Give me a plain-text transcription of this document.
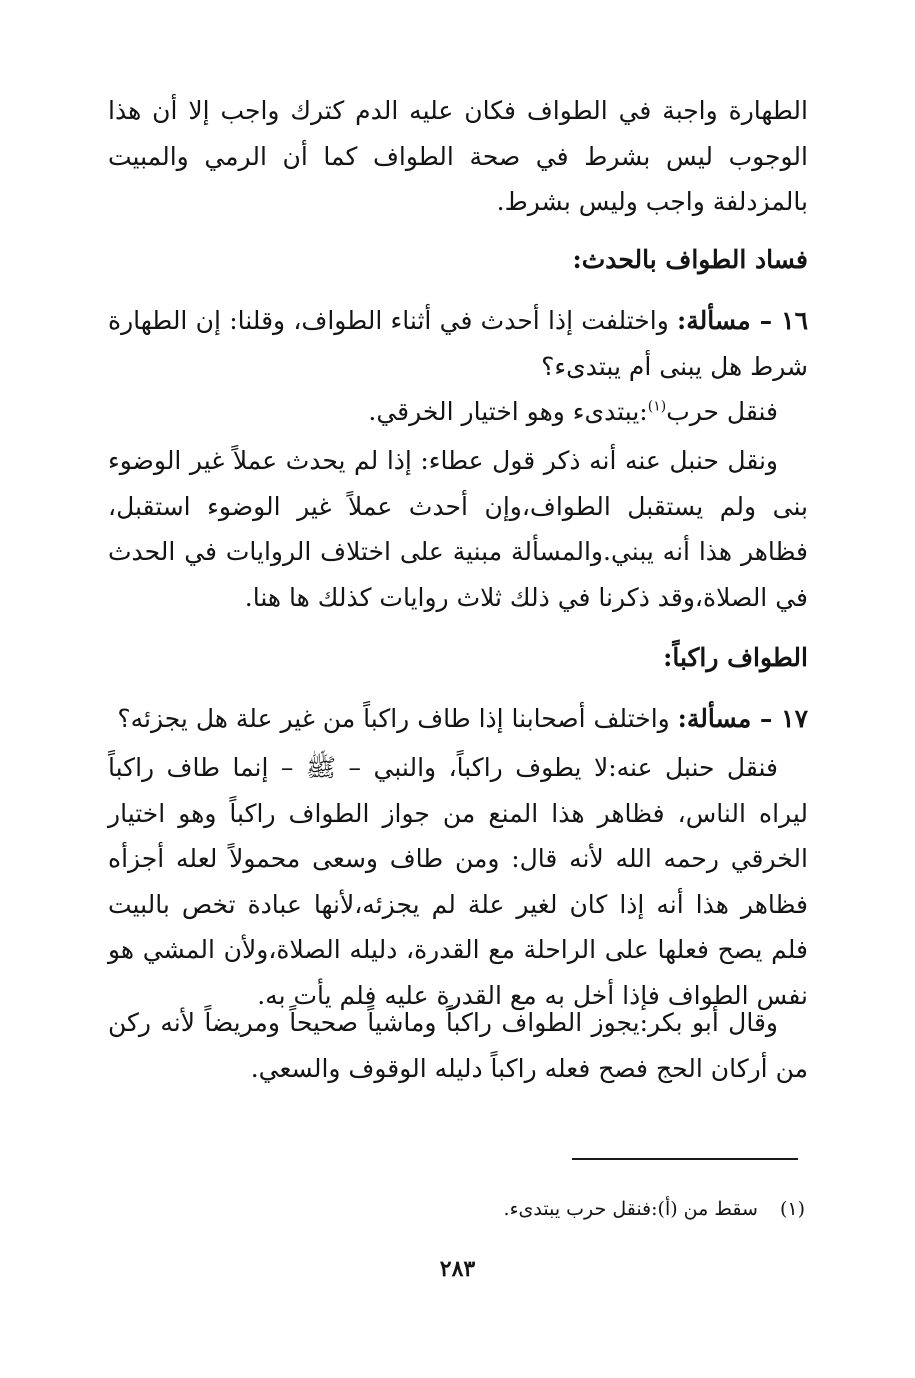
الطهارة واجبة في الطواف فكان عليه الدم كترك واجب إلا أن هذا الوجوب ليس بشرط في صحة الطواف كما أن الرمي والمبيت بالمزدلفة واجب وليس بشرط.

فساد الطواف بالحدث:

١٦ – مسألة: واختلفت إذا أحدث في أثناء الطواف، وقلنا: إن الطهارة شرط هل يبنى أم يبتدىء؟

فنقل حرب$^{(١)}$:يبتدىء وهو اختيار الخرقي.

ونقل حنبل عنه أنه ذكر قول عطاء: إذا لم يحدث عملاً غير الوضوء بنى ولم يستقبل الطواف،وإن أحدث عملاً غير الوضوء استقبل، فظاهر هذا أنه يبني.والمسألة مبنية على اختلاف الروايات في الحدث في الصلاة،وقد ذكرنا في ذلك ثلاث روايات كذلك ها هنا.

الطواف راكباً:

١٧ – مسألة: واختلف أصحابنا إذا طاف راكباً من غير علة هل يجزئه؟

فنقل حنبل عنه:لا يطوف راكباً، والنبي – ﷺ – إنما طاف راكباً ليراه الناس، فظاهر هذا المنع من جواز الطواف راكباً وهو اختيار الخرقي رحمه الله لأنه قال: ومن طاف وسعى محمولاً لعله أجزأه فظاهر هذا أنه إذا كان لغير علة لم يجزئه،لأنها عبادة تخص بالبيت فلم يصح فعلها على الراحلة مع القدرة، دليله الصلاة،ولأن المشي هو نفس الطواف فإذا أخل به مع القدرة عليه فلم يأت به.

وقال أبو بكر:يجوز الطواف راكباً وماشياً صحيحاً ومريضاً لأنه ركن من أركان الحج فصح فعله راكباً دليله الوقوف والسعي.

(١)سقط من (أ):فنقل حرب يبتدىء.

٢٨٣
